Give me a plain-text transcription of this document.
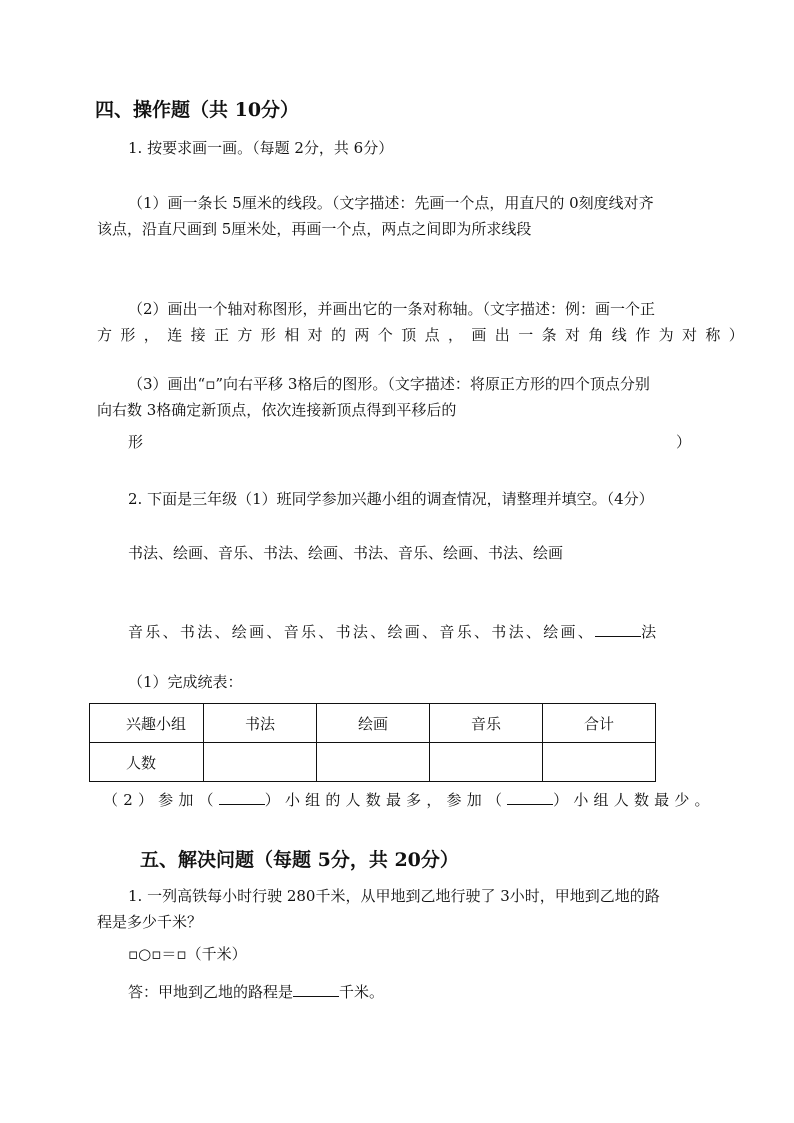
四、操作题（共 10分）
1. 按要求画一画。（每题 2分，共 6分）
（1）画一条长 5厘米的线段。（文字描述：先画一个点，用直尺的 0刻度线对齐
该点，沿直尺画到 5厘米处，再画一个点，两点之间即为所求线段
（2）画出一个轴对称图形，并画出它的一条对称轴。（文字描述：例：画一个正
方形，连接正方形相对的两个顶点，画出一条对角线作为对称）
（3）画出“▫”向右平移 3格后的图形。（文字描述：将原正方形的四个顶点分别
向右数 3格确定新顶点，依次连接新顶点得到平移后的
形	）
2. 下面是三年级（1）班同学参加兴趣小组的调查情况，请整理并填空。（4分）
书法、绘画、音乐、书法、绘画、书法、音乐、绘画、书法、绘画
音乐、书法、绘画、音乐、书法、绘画、音乐、书法、绘画、	法
（1）完成统表：
兴趣小组	书法	绘画	音乐	合计
人数				
（2）参加（	）小组的人数最多，参加（	）小组人数最少。
五、解决问题（每题 5分，共 20分）
1. 一列高铁每小时行驶 280千米，从甲地到乙地行驶了 3小时，甲地到乙地的路
程是多少千米？
▫○▫＝▫（千米）
答：甲地到乙地的路程是	千米。
